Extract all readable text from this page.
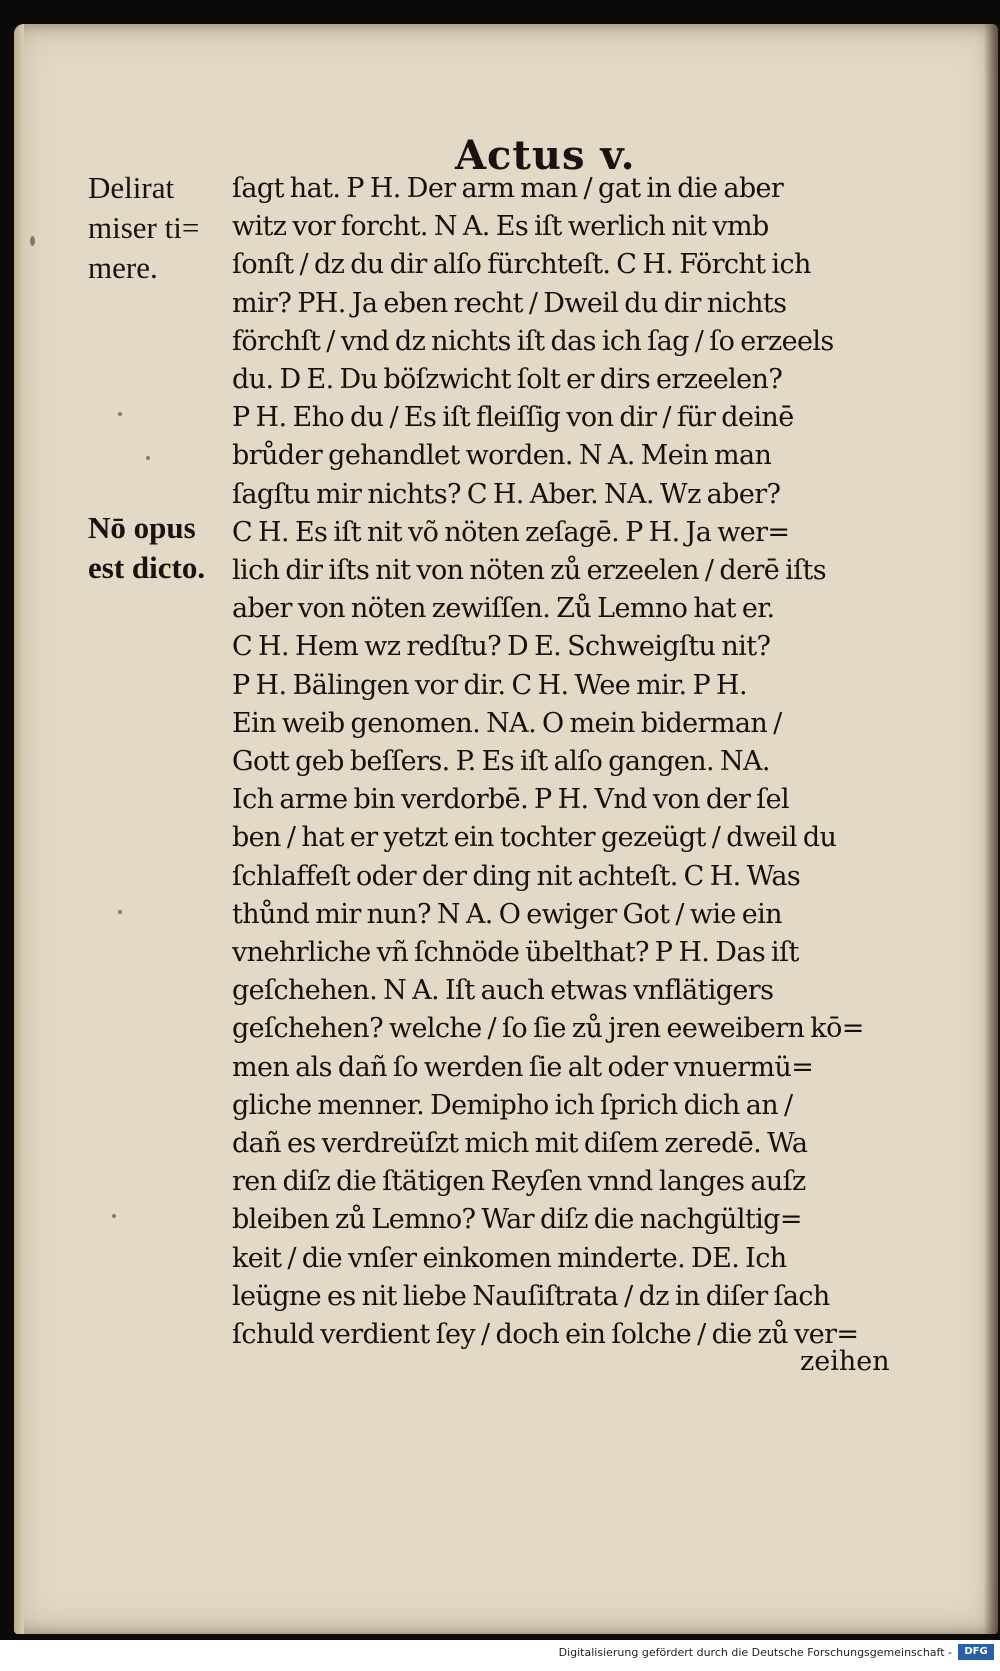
Actus v.
Delirat
miser ti=
mere.
Nō opus
est dicto.
ſagt hat. P H. Der arm man / gat in die aber
witz vor forcht. N A. Es iſt werlich nit vmb
ſonſt / dz du dir alſo fürchteſt. C H. Förcht ich
mir? PH. Ja eben recht / Dweil du dir nichts
förchſt / vnd dz nichts iſt das ich ſag / ſo erzeels
du. D E. Du böſzwicht ſolt er dirs erzeelen?
P H. Eho du / Es iſt fleiſſig von dir / für deinē
brůder gehandlet worden. N A. Mein man
ſagſtu mir nichts? C H. Aber. NA. Wz aber?
C H. Es iſt nit võ nöten zeſagē. P H. Ja wer=
lich dir iſts nit von nöten zů erzeelen / derē iſts
aber von nöten zewiſſen. Zů Lemno hat er.
C H. Hem wz redſtu? D E. Schweigſtu nit?
P H. Bälingen vor dir. C H. Wee mir. P H.
Ein weib genomen. NA. O mein biderman /
Gott geb beſſers. P. Es iſt alſo gangen. NA.
Ich arme bin verdorbē. P H. Vnd von der ſel
ben / hat er yetzt ein tochter gezeügt / dweil du
ſchlaffeſt oder der ding nit achteſt. C H. Was
thůnd mir nun? N A. O ewiger Got / wie ein
vnehrliche vñ ſchnöde übelthat? P H. Das iſt
geſchehen. N A. Iſt auch etwas vnflätigers
geſchehen? welche / ſo ſie zů jren eeweibern kō=
men als dañ ſo werden ſie alt oder vnuermü=
gliche menner. Demipho ich ſprich dich an /
dañ es verdreüſzt mich mit diſem zeredē. Wa
ren diſz die ſtätigen Reyſen vnnd langes auſz
bleiben zů Lemno? War diſz die nachgültig=
keit / die vnſer einkomen minderte. DE. Ich
leügne es nit liebe Nauſiſtrata / dz in diſer ſach
ſchuld verdient ſey / doch ein ſolche / die zů ver=
zeihen
Digitalisierung gefördert durch die Deutsche Forschungsgemeinschaft -	DFG
